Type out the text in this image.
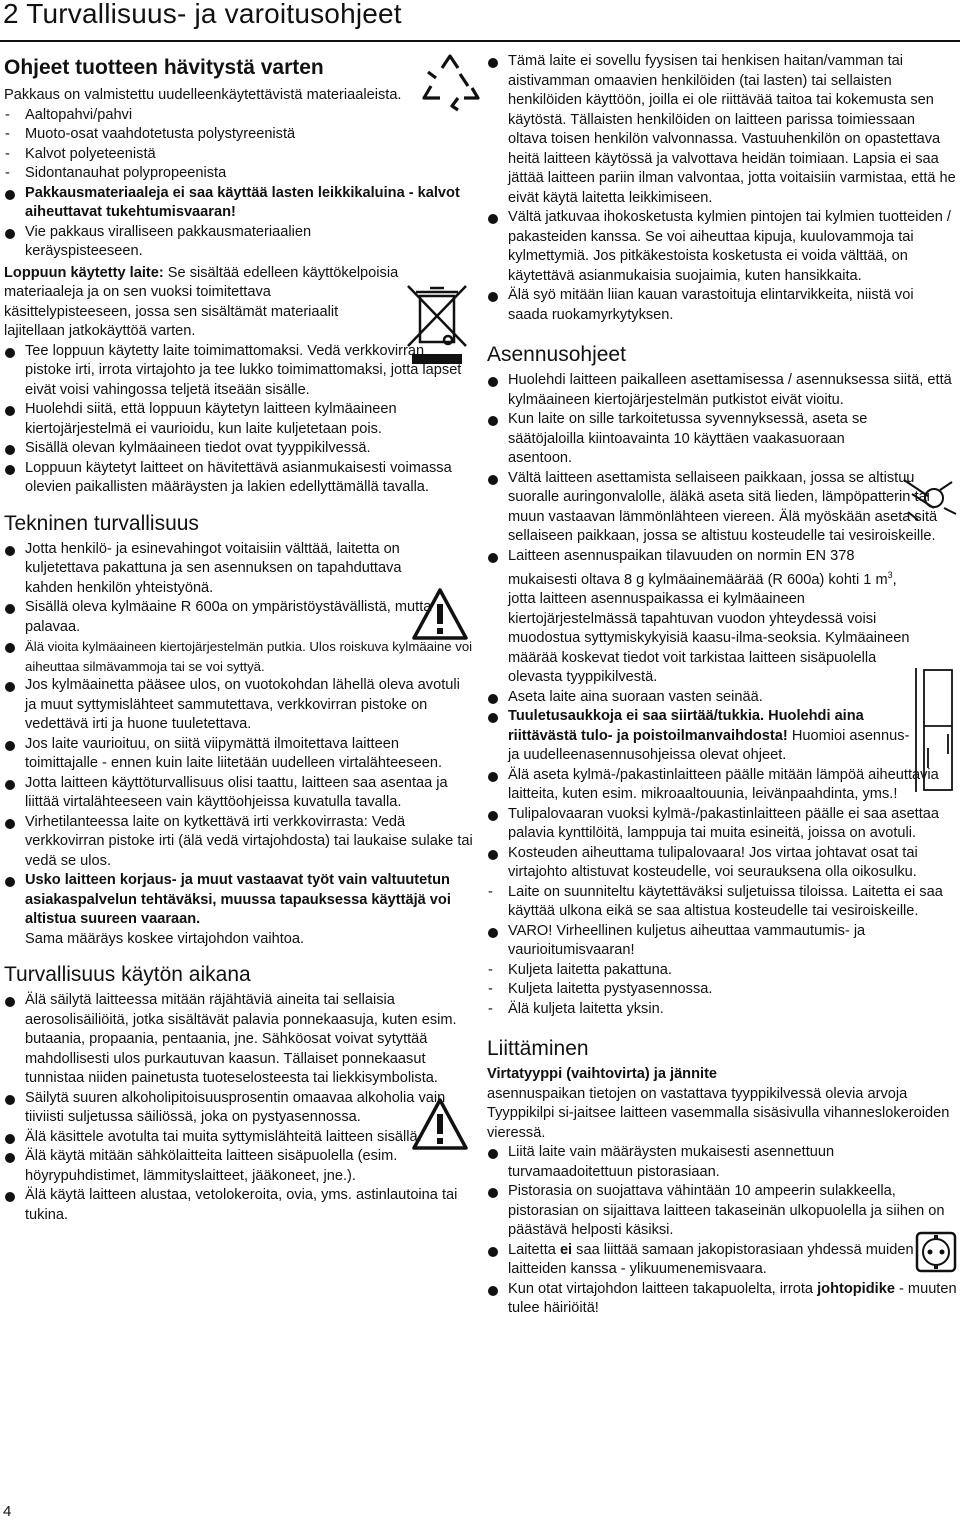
2 Turvallisuus- ja varoitusohjeet
Ohjeet tuotteen hävitystä varten

Pakkaus on valmistettu uudelleenkäytettävistä materiaaleista.

- Aaltopahvi/pahvi

- Muoto-osat vaahdotetusta polystyreenistä

- Kalvot polyeteenistä

- Sidontanauhat polypropeenista

Pakkausmateriaaleja ei saa käyttää lasten leikkikaluina - kalvot aiheuttavat tukehtumisvaaran!

Vie pakkaus viralliseen pakkausmateriaalien keräyspisteeseen.

Loppuun käytetty laite: Se sisältää edelleen käyttökelpoisia materiaaleja ja on sen vuoksi toimitettava käsittelypisteeseen, jossa sen sisältämät materiaalit lajitellaan jatkokäyttöä varten.

Tee loppuun käytetty laite toimimattomaksi. Vedä verkkovirran pistoke irti, irrota virtajohto ja tee lukko toimimattomaksi, jotta lapset eivät voisi vahingossa teljetä itseään sisälle.

Huolehdi siitä, että loppuun käytetyn laitteen kylmäaineen kiertojärjestelmä ei vaurioidu, kun laite kuljetetaan pois.

Sisällä olevan kylmäaineen tiedot ovat tyyppikilvessä.

Loppuun käytetyt laitteet on hävitettävä asianmukaisesti voimassa olevien paikallisten määräysten ja lakien edellyttämällä tavalla.

Tekninen turvallisuus

Jotta henkilö- ja esinevahingot voitaisiin välttää, laitetta on kuljetettava pakattuna ja sen asennuksen on tapahduttava kahden henkilön yhteistyönä.

Sisällä oleva kylmäaine R 600a on ympäristöystävällistä, mutta palavaa.

Älä vioita kylmäaineen kiertojärjestelmän putkia. Ulos roiskuva kylmäaine voi aiheuttaa silmävammoja tai se voi syttyä.

Jos kylmäainetta pääsee ulos, on vuotokohdan lähellä oleva avotuli ja muut syttymislähteet sammutettava, verkkovirran pistoke on vedettävä irti ja huone tuuletettava.

Jos laite vaurioituu, on siitä viipymättä ilmoitettava laitteen toimittajalle - ennen kuin laite liitetään uudelleen virtalähteeseen.

Jotta laitteen käyttöturvallisuus olisi taattu, laitteen saa asentaa ja liittää virtalähteeseen vain käyttöohjeissa kuvatulla tavalla.

Virhetilanteessa laite on kytkettävä irti verkkovirrasta: Vedä verkkovirran pistoke irti (älä vedä virtajohdosta) tai laukaise sulake tai vedä se ulos.

Usko laitteen korjaus- ja muut vastaavat työt vain valtuutetun asiakaspalvelun tehtäväksi, muussa tapauksessa käyttäjä voi altistua suureen vaaraan.
Sama määräys koskee virtajohdon vaihtoa.

Turvallisuus käytön aikana

Älä säilytä laitteessa mitään räjähtäviä aineita tai sellaisia aerosolisäiliöitä, jotka sisältävät palavia ponnekaasuja, kuten esim. butaania, propaania, pentaania, jne. Sähköosat voivat sytyttää mahdollisesti ulos purkautuvan kaasun. Tällaiset ponnekaasut tunnistaa niiden painetusta tuoteselosteesta tai liekkisymbolista.

Säilytä suuren alkoholipitoisuusprosentin omaavaa alkoholia vain tiiviisti suljetussa säiliössä, joka on pystyasennossa.

Älä käsittele avotulta tai muita syttymislähteitä laitteen sisällä.

Älä käytä mitään sähkölaitteita laitteen sisäpuolella (esim. höyrypuhdistimet, lämmityslaitteet, jääkoneet, jne.).

Älä käytä laitteen alustaa, vetolokeroita, ovia, yms. astinlautoina tai tukina.

Tämä laite ei sovellu fyysisen tai henkisen haitan/vamman tai aistivamman omaavien henkilöiden (tai lasten) tai sellaisten henkilöiden käyttöön, joilla ei ole riittävää taitoa tai kokemusta sen käytöstä. Tällaisten henkilöiden on laitteen parissa toimiessaan oltava toisen henkilön valvonnassa. Vastuuhenkilön on opastettava heitä laitteen käytössä ja valvottava heidän toimiaan. Lapsia ei saa jättää laitteen pariin ilman valvontaa, jotta voitaisiin varmistaa, että he eivät käytä laitetta leikkimiseen.

Vältä jatkuvaa ihokosketusta kylmien pintojen tai kylmien tuotteiden / pakasteiden kanssa. Se voi aiheuttaa kipuja, kuulovammoja tai kylmettymiä. Jos pitkäkestoista kosketusta ei voida välttää, on käytettävä asianmukaisia suojaimia, kuten hansikkaita.

Älä syö mitään liian kauan varastoituja elintarvikkeita, niistä voi saada ruokamyrkytyksen.

Asennusohjeet

Huolehdi laitteen paikalleen asettamisessa / asennuksessa siitä, että kylmäaineen kiertojärjestelmän putkistot eivät vioitu.

Kun laite on sille tarkoitetussa syvennyksessä, aseta se säätöjaloilla kiintoavainta 10 käyttäen vaakasuoraan asentoon.

Vältä laitteen asettamista sellaiseen paikkaan, jossa se altistuu suoralle auringonvalolle, äläkä aseta sitä lieden, lämpöpatterin tai muun vastaavan lämmönlähteen viereen. Älä myöskään aseta sitä sellaiseen paikkaan, jossa se altistuu kosteudelle tai vesiroiskeille.

Laitteen asennuspaikan tilavuuden on normin EN 378 mukaisesti oltava 8 g kylmäainemäärää (R 600a) kohti 1 $m^3$, jotta laitteen asennuspaikassa ei kylmäaineen kiertojärjestelmässä tapahtuvan vuodon yhteydessä voisi muodostua syttymiskykyisiä kaasu-ilma-seoksia. Kylmäaineen määrää koskevat tiedot voit tarkistaa laitteen sisäpuolella olevasta tyyppikilvestä.

Aseta laite aina suoraan vasten seinää.

Tuuletusaukkoja ei saa siirtää/tukkia. Huolehdi aina riittävästä tulo- ja poistoilmanvaihdosta! Huomioi asennus-ja uudelleenasennusohjeissa olevat ohjeet.

Älä aseta kylmä-/pakastinlaitteen päälle mitään lämpöä aiheuttavia laitteita, kuten esim. mikroaaltouunia, leivänpaahdinta, yms.!

Tulipalovaaran vuoksi kylmä-/pakastinlaitteen päälle ei saa asettaa palavia kynttilöitä, lamppuja tai muita esineitä, joissa on avotuli.

Kosteuden aiheuttama tulipalovaara! Jos virtaa johtavat osat tai virtajohto altistuvat kosteudelle, voi seurauksena olla oikosulku.

- Laite on suunniteltu käytettäväksi suljetuissa tiloissa. Laitetta ei saa käyttää ulkona eikä se saa altistua kosteudelle tai vesiroiskeille.

VARO! Virheellinen kuljetus aiheuttaa vammautumis- ja vaurioitumisvaaran!

- Kuljeta laitetta pakattuna.

- Kuljeta laitetta pystyasennossa.

- Älä kuljeta laitetta yksin.

Liittäminen

Virtatyyppi (vaihtovirta) ja jännite

asennuspaikan tietojen on vastattava tyyppikilvessä olevia arvoja Tyyppikilpi si-jaitsee laitteen vasemmalla sisäsivulla vihanneslokeroiden vieressä.

Liitä laite vain määräysten mukaisesti asennettuun turvamaadoitettuun pistorasiaan.

Pistorasia on suojattava vähintään 10 ampeerin sulakkeella, pistorasian on sijaittava laitteen takaseinän ulkopuolella ja siihen on päästävä helposti käsiksi.

Laitetta ei saa liittää samaan jakopistorasiaan yhdessä muiden laitteiden kanssa - ylikuumenemisvaara.

Kun otat virtajohdon laitteen takapuolelta, irrota johtopidike - muuten tulee häiriöitä!

4
